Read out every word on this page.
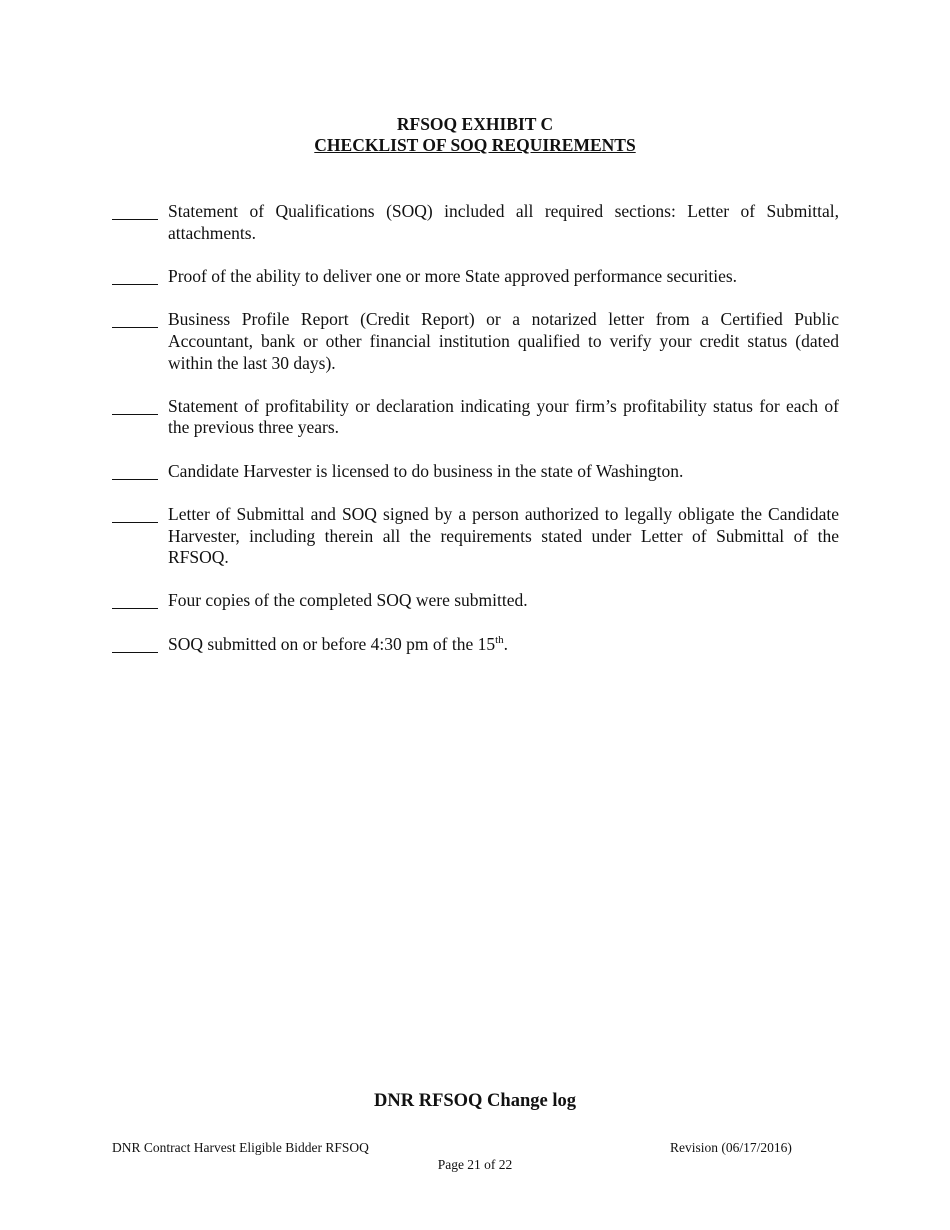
RFSOQ EXHIBIT C
CHECKLIST OF SOQ REQUIREMENTS
Statement of Qualifications (SOQ) included all required sections: Letter of Submittal, attachments.
Proof of the ability to deliver one or more State approved performance securities.
Business Profile Report (Credit Report) or a notarized letter from a Certified Public Accountant, bank or other financial institution qualified to verify your credit status (dated within the last 30 days).
Statement of profitability or declaration indicating your firm’s profitability status for each of the previous three years.
Candidate Harvester is licensed to do business in the state of Washington.
Letter of Submittal and SOQ signed by a person authorized to legally obligate the Candidate Harvester, including therein all the requirements stated under Letter of Submittal of the RFSOQ.
Four copies of the completed SOQ were submitted.
SOQ submitted on or before 4:30 pm of the 15th.
DNR RFSOQ Change log
DNR Contract Harvest Eligible Bidder RFSOQ	Revision (06/17/2016)
Page 21 of 22
